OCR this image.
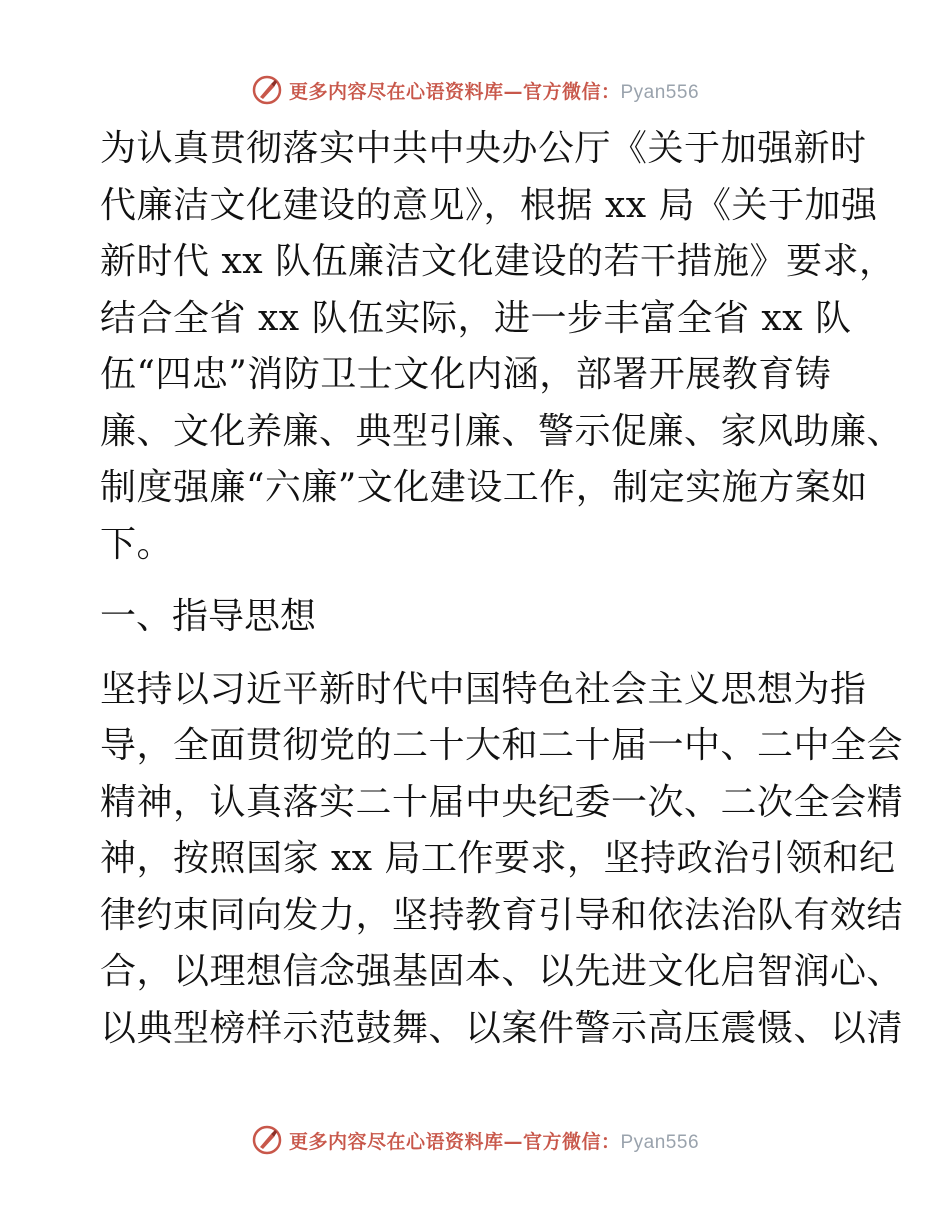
更多内容尽在心语资料库—官方微信：Pyan556
为认真贯彻落实中共中央办公厅《关于加强新时
代廉洁文化建设的意见》，根据 xx 局《关于加强
新时代 xx 队伍廉洁文化建设的若干措施》要求，
结合全省 xx 队伍实际，进一步丰富全省 xx 队
伍“四忠”消防卫士文化内涵，部署开展教育铸
廉、文化养廉、典型引廉、警示促廉、家风助廉、
制度强廉“六廉”文化建设工作，制定实施方案如
下。
一、指导思想
坚持以习近平新时代中国特色社会主义思想为指
导，全面贯彻党的二十大和二十届一中、二中全会
精神，认真落实二十届中央纪委一次、二次全会精
神，按照国家 xx 局工作要求，坚持政治引领和纪
律约束同向发力，坚持教育引导和依法治队有效结
合，以理想信念强基固本、以先进文化启智润心、
以典型榜样示范鼓舞、以案件警示高压震慑、以清
更多内容尽在心语资料库—官方微信：Pyan556
